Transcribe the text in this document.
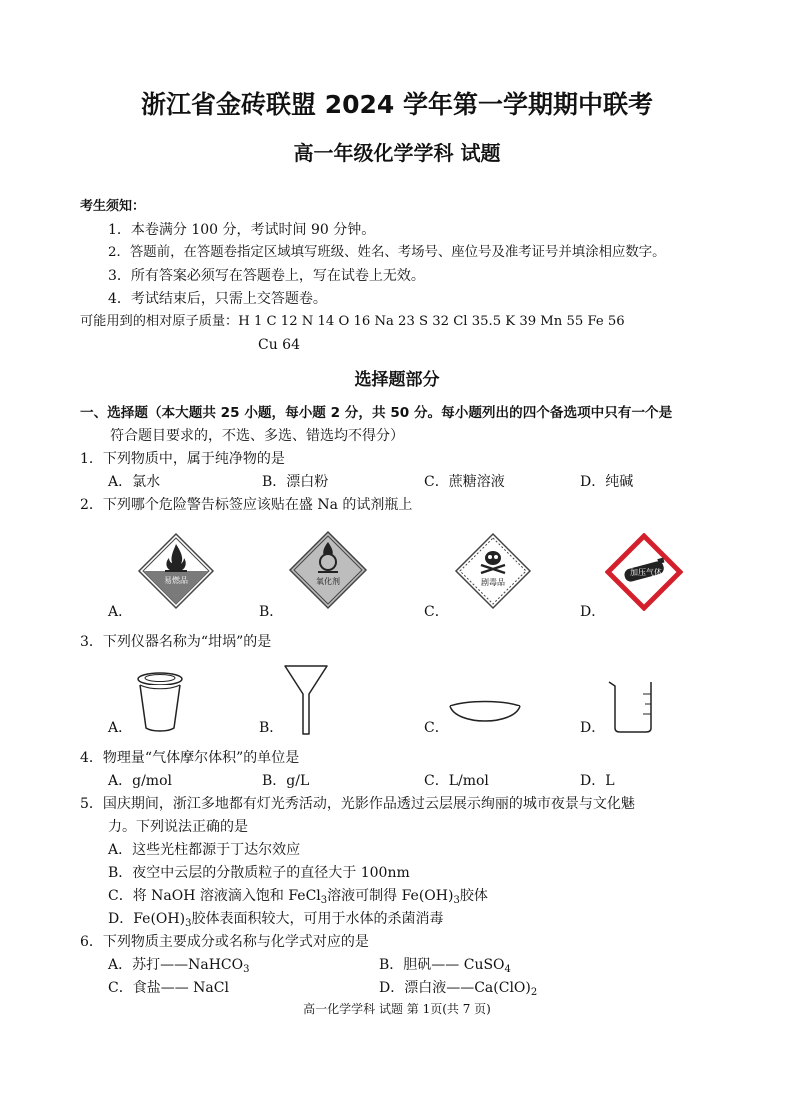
浙江省金砖联盟 2024 学年第一学期期中联考
高一年级化学学科 试题
考生须知：
1．本卷满分 100 分，考试时间 90 分钟。
2．答题前，在答题卷指定区域填写班级、姓名、考场号、座位号及准考证号并填涂相应数字。
3．所有答案必须写在答题卷上，写在试卷上无效。
4．考试结束后，只需上交答题卷。
可能用到的相对原子质量：H 1 C 12 N 14 O 16 Na 23 S 32 Cl 35.5 K 39 Mn 55 Fe 56
Cu 64
选择题部分
一、选择题（本大题共 25 小题，每小题 2 分，共 50 分。每小题列出的四个备选项中只有一个是
符合题目要求的，不选、多选、错选均不得分）
1．下列物质中，属于纯净物的是
A．氯水	B．漂白粉	C．蔗糖溶液	D．纯碱
2．下列哪个危险警告标签应该贴在盛 Na 的试剂瓶上
易燃品
A．
氧化剂
B．
剧毒品
C．
加压气体
D．
3．下列仪器名称为“坩埚”的是
A．	B．	C．	D．
4．物理量“气体摩尔体积”的单位是
A．g/mol	B．g/L	C．L/mol	D．L
5．国庆期间，浙江多地都有灯光秀活动，光影作品透过云层展示绚丽的城市夜景与文化魅
力。下列说法正确的是
A．这些光柱都源于丁达尔效应
B．夜空中云层的分散质粒子的直径大于 100nm
C．将 NaOH 溶液滴入饱和 FeCl$_3$溶液可制得 $Fe(OH)_3$胶体
D．$Fe(OH)_3$胶体表面积较大，可用于水体的杀菌消毒
6．下列物质主要成分或名称与化学式对应的是
A．苏打——NaHCO$_3$	B．胆矾—— CuSO$_4$
C．食盐—— NaCl	D．漂白液$——Ca(ClO)_2$
高一化学学科 试题 第 1页(共 7 页)
